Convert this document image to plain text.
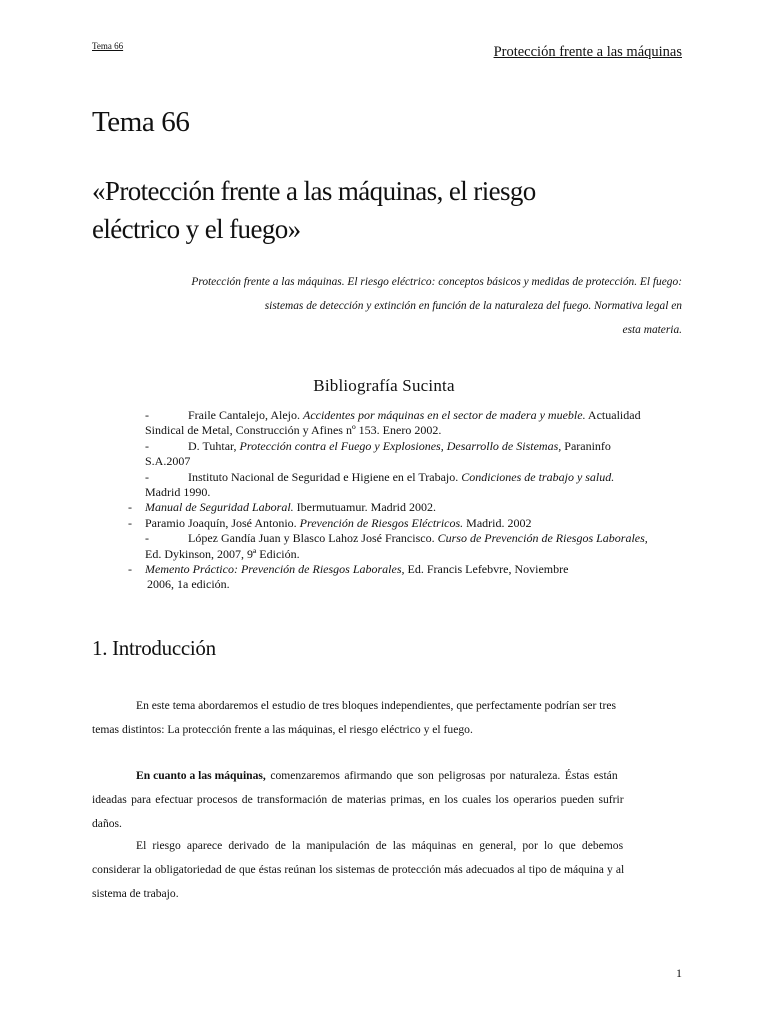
Tema 66	Protección frente a las máquinas
Tema 66
«Protección frente a las máquinas, el riesgo
eléctrico y el fuego»
Protección frente a las máquinas. El riesgo eléctrico: conceptos básicos y medidas de protección. El fuego:
sistemas de detección y extinción en función de la naturaleza del fuego. Normativa legal en
esta materia.
Bibliografía Sucinta
-	Fraile Cantalejo, Alejo. Accidentes por máquinas en el sector de madera y mueble. Actualidad
Sindical de Metal, Construcción y Afines nº 153. Enero 2002.
-	D. Tuhtar, Protección contra el Fuego y Explosiones, Desarrollo de Sistemas, Paraninfo
S.A.2007
-	Instituto Nacional de Seguridad e Higiene en el Trabajo. Condiciones de trabajo y salud.
Madrid 1990.
- Manual de Seguridad Laboral. Ibermutuamur. Madrid 2002.
- Paramio Joaquín, José Antonio. Prevención de Riesgos Eléctricos. Madrid. 2002
-	López Gandía Juan y Blasco Lahoz José Francisco. Curso de Prevención de Riesgos Laborales,
Ed. Dykinson, 2007, 9ª Edición.
- Memento Práctico: Prevención de Riesgos Laborales, Ed. Francis Lefebvre, Noviembre
2006, 1a edición.
1. Introducción
En este tema abordaremos el estudio de tres bloques independientes, que perfectamente podrían ser tres
temas distintos: La protección frente a las máquinas, el riesgo eléctrico y el fuego.
En cuanto a las máquinas, comenzaremos afirmando que son peligrosas por naturaleza. Éstas están
ideadas para efectuar procesos de transformación de materias primas, en los cuales los operarios pueden sufrir
daños.
El riesgo aparece derivado de la manipulación de las máquinas en general, por lo que debemos
considerar la obligatoriedad de que éstas reúnan los sistemas de protección más adecuados al tipo de máquina y al
sistema de trabajo.
1
